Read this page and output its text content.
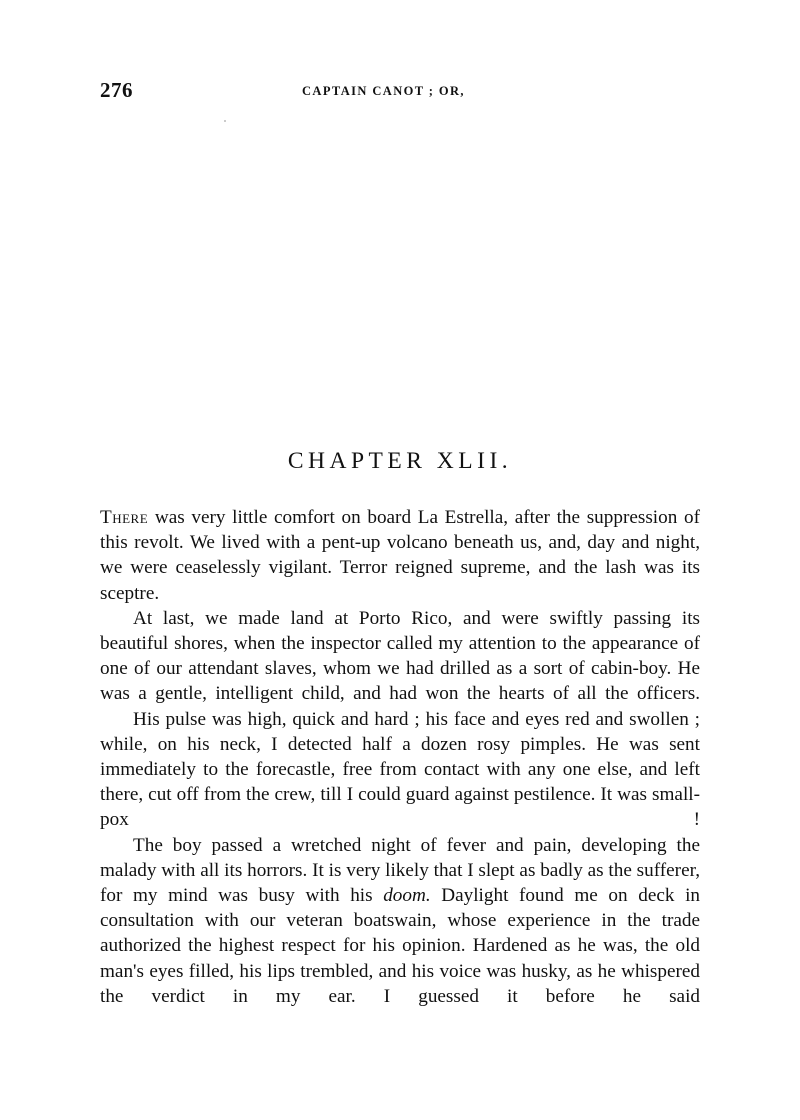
276	CAPTAIN CANOT ; OR,
CHAPTER XLII.

There was very little comfort on board La Estrella, after the suppression of this revolt. We lived with a pent-up volcano beneath us, and, day and night, we were ceaselessly vigilant. Terror reigned supreme, and the lash was its sceptre.

At last, we made land at Porto Rico, and were swiftly passing its beautiful shores, when the inspector called my attention to the appearance of one of our attendant slaves, whom we had drilled as a sort of cabin-boy. He was a gentle, intelligent child, and had won the hearts of all the officers.

His pulse was high, quick and hard ; his face and eyes red and swollen ; while, on his neck, I detected half a dozen rosy pimples. He was sent immediately to the forecastle, free from contact with any one else, and left there, cut off from the crew, till I could guard against pestilence. It was small-pox !

The boy passed a wretched night of fever and pain, developing the malady with all its horrors. It is very likely that I slept as badly as the sufferer, for my mind was busy with his doom. Daylight found me on deck in consultation with our veteran boatswain, whose experience in the trade authorized the highest respect for his opinion. Hardened as he was, the old man's eyes filled, his lips trembled, and his voice was husky, as he whispered the verdict in my ear. I guessed it before he said
